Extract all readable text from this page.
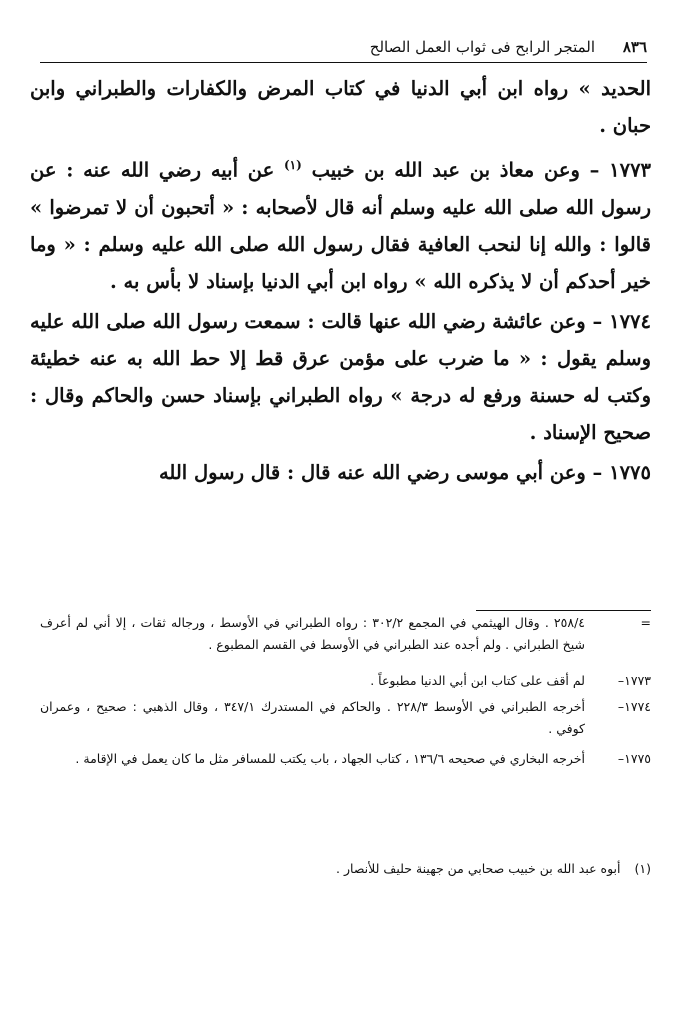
٨٣٦
المتجر الرابح فى ثواب العمل الصالح

الحديد » رواه ابن أبي الدنيا في كتاب المرض والكفارات والطبراني وابن حبان .

١٧٧٣ – وعن معاذ بن عبد الله بن خبيب $^{(١)}$ عن أبيه رضي الله عنه : عن رسول الله صلى الله عليه وسلم أنه قال لأصحابه : « أتحبون أن لا تمرضوا » قالوا : والله إنا لنحب العافية فقال رسول الله صلى الله عليه وسلم : « وما خير أحدكم أن لا يذكره الله » رواه ابن أبي الدنيا بإسناد لا بأس به .

١٧٧٤ – وعن عائشة رضي الله عنها قالت : سمعت رسول الله صلى الله عليه وسلم يقول : « ما ضرب على مؤمن عرق قط إلا حط الله به عنه خطيئة وكتب له حسنة ورفع له درجة » رواه الطبراني بإسناد حسن والحاكم وقال : صحيح الإسناد .

١٧٧٥ – وعن أبي موسى رضي الله عنه قال : قال رسول الله

=
٢٥٨/٤ . وقال الهيثمي في المجمع ٣٠٢/٢ : رواه الطبراني في الأوسط ، ورجاله ثقات ، إلا أني لم أعرف شيخ الطبراني . ولم أجده عند الطبراني في الأوسط في القسم المطبوع .
١٧٧٣–
لم أقف على كتاب ابن أبي الدنيا مطبوعاً .
١٧٧٤–
أخرجه الطبراني في الأوسط ٢٢٨/٣ . والحاكم في المستدرك ٣٤٧/١ ، وقال الذهبي : صحيح ، وعمران كوفي .
١٧٧٥–
أخرجه البخاري في صحيحه ١٣٦/٦ ، كتاب الجهاد ، باب يكتب للمسافر مثل ما كان يعمل في الإقامة .
(١) أبوه عبد الله بن خبيب صحابي من جهينة حليف للأنصار .
